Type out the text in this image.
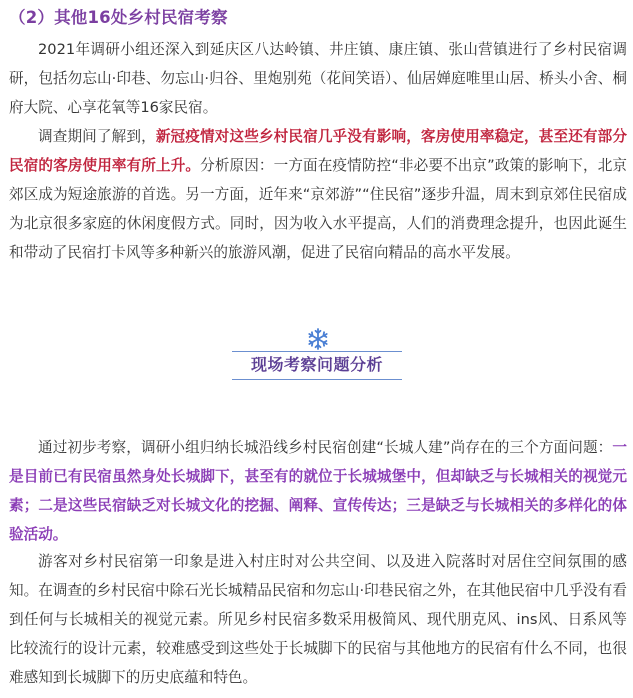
（2）其他16处乡村民宿考察

2021年调研小组还深入到延庆区八达岭镇、井庄镇、康庄镇、张山营镇进行了乡村民宿调研，包括勿忘山·印巷、勿忘山·归谷、里炮别苑（花间笑语）、仙居婵庭唯里山居、桥头小舍、桐府大院、心享花氧等16家民宿。

调查期间了解到，新冠疫情对这些乡村民宿几乎没有影响，客房使用率稳定，甚至还有部分民宿的客房使用率有所上升。分析原因：一方面在疫情防控“非必要不出京”政策的影响下，北京郊区成为短途旅游的首选。另一方面，近年来“京郊游”“住民宿”逐步升温，周末到京郊住民宿成为北京很多家庭的休闲度假方式。同时，因为收入水平提高，人们的消费理念提升，也因此诞生和带动了民宿打卡风等多种新兴的旅游风潮，促进了民宿向精品的高水平发展。

现场考察问题分析

通过初步考察，调研小组归纳长城沿线乡村民宿创建“长城人建”尚存在的三个方面问题：一是目前已有民宿虽然身处长城脚下，甚至有的就位于长城城堡中，但却缺乏与长城相关的视觉元素；二是这些民宿缺乏对长城文化的挖掘、阐释、宣传传达；三是缺乏与长城相关的多样化的体验活动。

游客对乡村民宿第一印象是进入村庄时对公共空间、以及进入院落时对居住空间氛围的感知。在调查的乡村民宿中除石光长城精品民宿和勿忘山·印巷民宿之外，在其他民宿中几乎没有看到任何与长城相关的视觉元素。所见乡村民宿多数采用极简风、现代朋克风、ins风、日系风等比较流行的设计元素，较难感受到这些处于长城脚下的民宿与其他地方的民宿有什么不同，也很难感知到长城脚下的历史底蕴和特色。
